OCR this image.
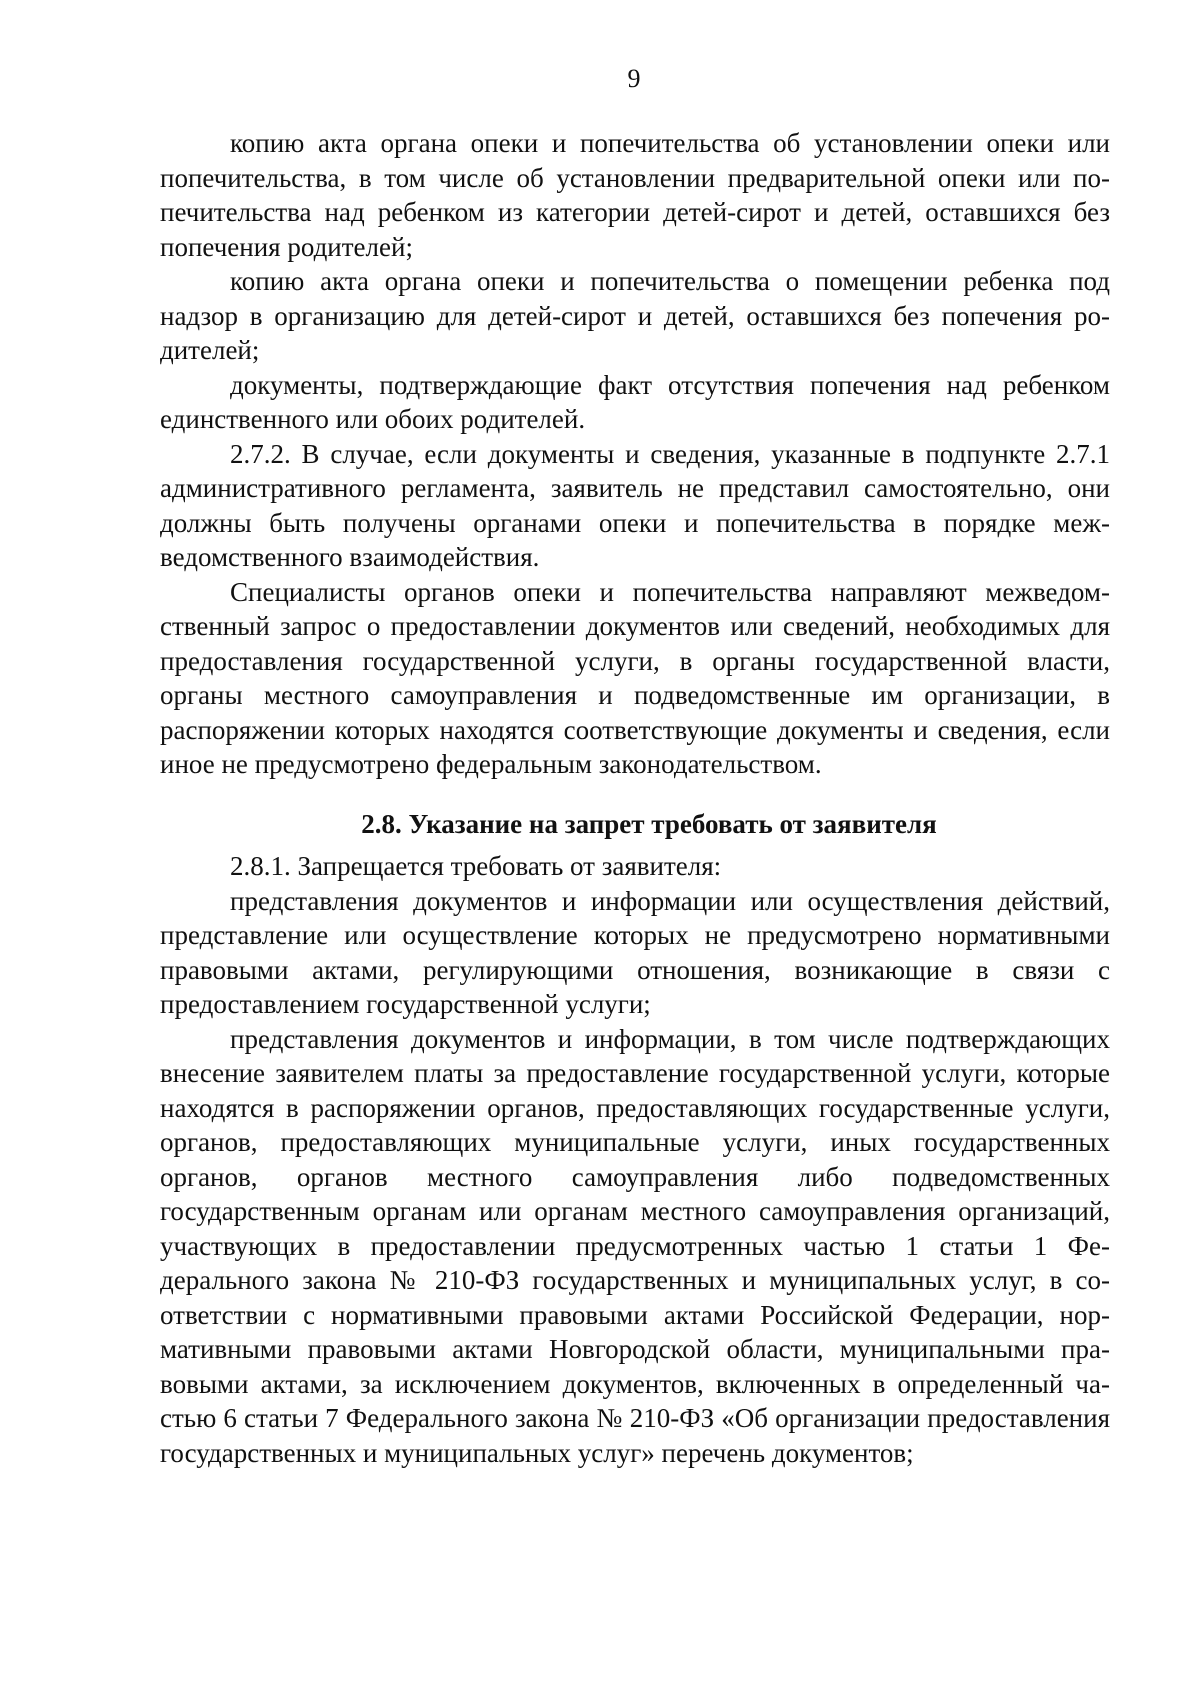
9

копию акта органа опеки и попечительства об установлении опеки или попечительства, в том числе об установлении предварительной опеки или попечительства над ребенком из категории детей-сирот и детей, оставшихся без попечения родителей;

копию акта органа опеки и попечительства о помещении ребенка под надзор в организацию для детей-сирот и детей, оставшихся без попечения родителей;

документы, подтверждающие факт отсутствия попечения над ребенком единственного или обоих родителей.

2.7.2. В случае, если документы и сведения, указанные в подпункте 2.7.1 административного регламента, заявитель не представил самостоятельно, они должны быть получены органами опеки и попечительства в порядке межведомственного взаимодействия.

Специалисты органов опеки и попечительства направляют межведомственный запрос о предоставлении документов или сведений, необходимых для предоставления государственной услуги, в органы государственной власти, органы местного самоуправления и подведомственные им организации, в распоряжении которых находятся соответствующие документы и сведения, если иное не предусмотрено федеральным законодательством.

2.8. Указание на запрет требовать от заявителя

2.8.1. Запрещается требовать от заявителя:

представления документов и информации или осуществления действий, представление или осуществление которых не предусмотрено нормативными правовыми актами, регулирующими отношения, возникающие в связи с предоставлением государственной услуги;

представления документов и информации, в том числе подтверждающих внесение заявителем платы за предоставление государственной услуги, которые находятся в распоряжении органов, предоставляющих государственные услуги, органов, предоставляющих муниципальные услуги, иных государственных органов, органов местного самоуправления либо подведомственных государственным органам или органам местного самоуправления организаций, участвующих в предоставлении предусмотренных частью 1 статьи 1 Федерального закона № 210-ФЗ государственных и муниципальных услуг, в соответствии с нормативными правовыми актами Российской Федерации, нормативными правовыми актами Новгородской области, муниципальными правовыми актами, за исключением документов, включенных в определенный частью 6 статьи 7 Федерального закона № 210-ФЗ «Об организации предоставления государственных и муниципальных услуг» перечень документов;
